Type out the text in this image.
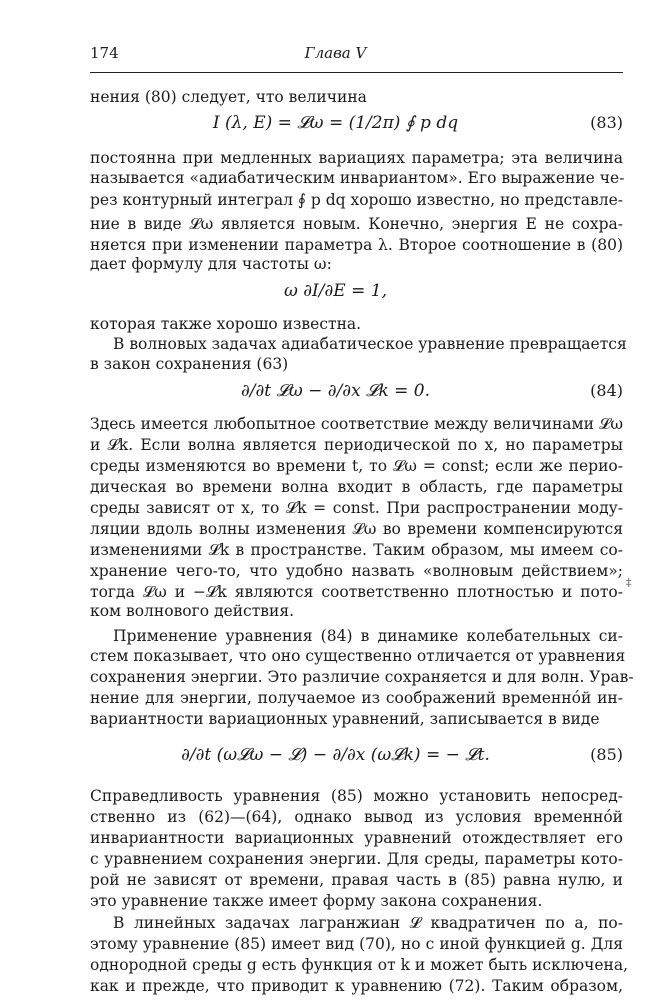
174	Глава V
нения (80) следует, что величина
I (λ, E) = 𝓛ω = (1/2π) ∮ p dq	(83)
постоянна при медленных вариациях параметра; эта величина
называется «адиабатическим инвариантом». Его выражение че-
рез контурный интеграл ∮ p dq хорошо известно, но представле-
ние в виде 𝓛ω является новым. Конечно, энергия E не сохра-
няется при изменении параметра λ. Второе соотношение в (80)
дает формулу для частоты ω:
ω ∂I/∂E = 1,
которая также хорошо известна.
В волновых задачах адиабатическое уравнение превращается
в закон сохранения (63)
∂/∂t 𝓛ω − ∂/∂x 𝓛k = 0.	(84)
Здесь имеется любопытное соответствие между величинами 𝓛ω
и 𝓛k. Если волна является периодической по x, но параметры
среды изменяются во времени t, то 𝓛ω = const; если же перио-
дическая во времени волна входит в область, где параметры
среды зависят от x, то 𝓛k = const. При распространении моду-
ляции вдоль волны изменения 𝓛ω во времени компенсируются
изменениями 𝓛k в пространстве. Таким образом, мы имеем со-
хранение чего-то, что удобно назвать «волновым действием»;
тогда 𝓛ω и −𝓛k являются соответственно плотностью и пото-
ком волнового действия.
‡
Применение уравнения (84) в динамике колебательных си-
стем показывает, что оно существенно отличается от уравнения
сохранения энергии. Это различие сохраняется и для волн. Урав-
нение для энергии, получаемое из соображений временно́й ин-
вариантности вариационных уравнений, записывается в виде
∂/∂t (ω𝓛ω − 𝓛) − ∂/∂x (ω𝓛k) = − 𝓛t.	(85)
Справедливость уравнения (85) можно установить непосред-
ственно из (62)—(64), однако вывод из условия временно́й
инвариантности вариационных уравнений отождествляет его
с уравнением сохранения энергии. Для среды, параметры кото-
рой не зависят от времени, правая часть в (85) равна нулю, и
это уравнение также имеет форму закона сохранения.
В линейных задачах лагранжиан 𝓛 квадратичен по a, по-
этому уравнение (85) имеет вид (70), но с иной функцией g. Для
однородной среды g есть функция от k и может быть исключена,
как и прежде, что приводит к уравнению (72). Таким образом,
